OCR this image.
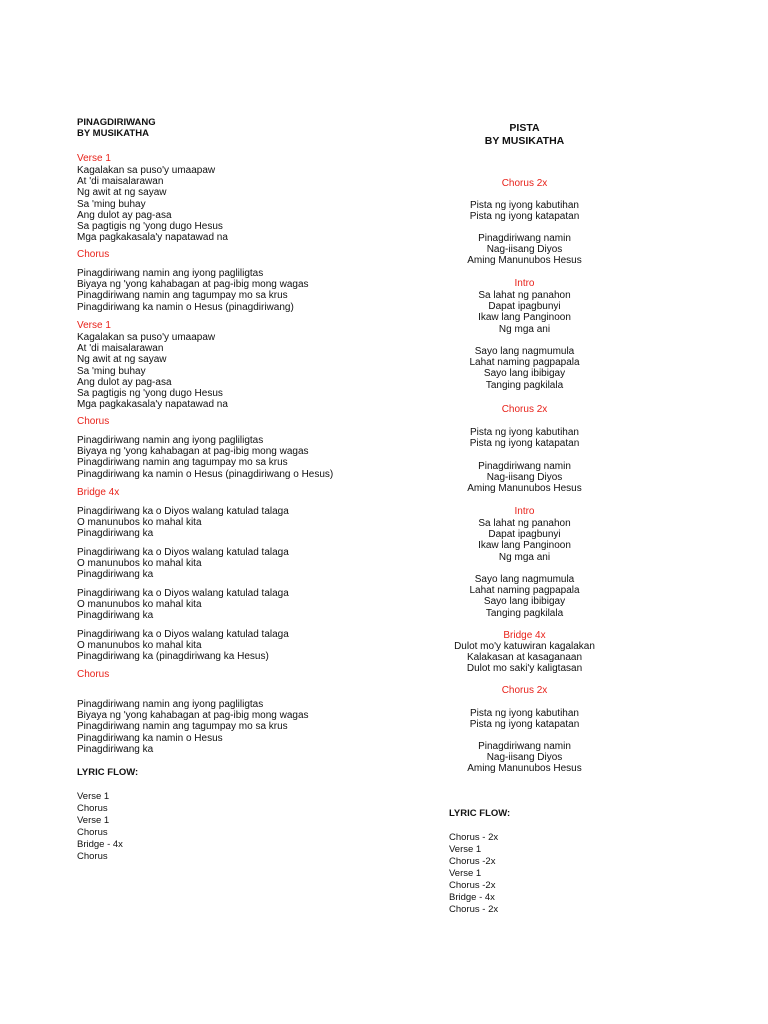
PINAGDIRIWANG
BY MUSIKATHA
Verse 1
Kagalakan sa puso'y umaapaw
At 'di maisalarawan
Ng awit at ng sayaw
Sa 'ming buhay
Ang dulot ay pag-asa
Sa pagtigis ng 'yong dugo Hesus
Mga pagkakasala'y napatawad na
Chorus
Pinagdiriwang namin ang iyong pagliligtas
Biyaya ng 'yong kahabagan at pag-ibig mong wagas
Pinagdiriwang namin ang tagumpay mo sa krus
Pinagdiriwang ka namin o Hesus (pinagdiriwang)
Verse 1
Kagalakan sa puso'y umaapaw
At 'di maisalarawan
Ng awit at ng sayaw
Sa 'ming buhay
Ang dulot ay pag-asa
Sa pagtigis ng 'yong dugo Hesus
Mga pagkakasala'y napatawad na
Chorus
Pinagdiriwang namin ang iyong pagliligtas
Biyaya ng 'yong kahabagan at pag-ibig mong wagas
Pinagdiriwang namin ang tagumpay mo sa krus
Pinagdiriwang ka namin o Hesus (pinagdiriwang o Hesus)
Bridge 4x
Pinagdiriwang ka o Diyos walang katulad talaga
O manunubos ko mahal kita
Pinagdiriwang ka
Pinagdiriwang ka o Diyos walang katulad talaga
O manunubos ko mahal kita
Pinagdiriwang ka
Pinagdiriwang ka o Diyos walang katulad talaga
O manunubos ko mahal kita
Pinagdiriwang ka
Pinagdiriwang ka o Diyos walang katulad talaga
O manunubos ko mahal kita
Pinagdiriwang ka (pinagdiriwang ka Hesus)
Chorus
Pinagdiriwang namin ang iyong pagliligtas
Biyaya ng 'yong kahabagan at pag-ibig mong wagas
Pinagdiriwang namin ang tagumpay mo sa krus
Pinagdiriwang ka namin o Hesus
Pinagdiriwang ka
LYRIC FLOW:
Verse 1
Chorus
Verse 1
Chorus
Bridge - 4x
Chorus
PISTA
BY MUSIKATHA
Chorus 2x
Pista ng iyong kabutihan
Pista ng iyong katapatan
Pinagdiriwang namin
Nag-iisang Diyos
Aming Manunubos Hesus
Intro
Sa lahat ng panahon
Dapat ipagbunyi
Ikaw lang Panginoon
Ng mga ani
Sayo lang nagmumula
Lahat naming pagpapala
Sayo lang ibibigay
Tanging pagkilala
Chorus 2x
Pista ng iyong kabutihan
Pista ng iyong katapatan
Pinagdiriwang namin
Nag-iisang Diyos
Aming Manunubos Hesus
Intro
Sa lahat ng panahon
Dapat ipagbunyi
Ikaw lang Panginoon
Ng mga ani
Sayo lang nagmumula
Lahat naming pagpapala
Sayo lang ibibigay
Tanging pagkilala
Bridge 4x
Dulot mo'y katuwiran kagalakan
Kalakasan at kasaganaan
Dulot mo saki'y kaligtasan
Chorus 2x
Pista ng iyong kabutihan
Pista ng iyong katapatan
Pinagdiriwang namin
Nag-iisang Diyos
Aming Manunubos Hesus
LYRIC FLOW:
Chorus - 2x
Verse 1
Chorus -2x
Verse 1
Chorus -2x
Bridge - 4x
Chorus - 2x
